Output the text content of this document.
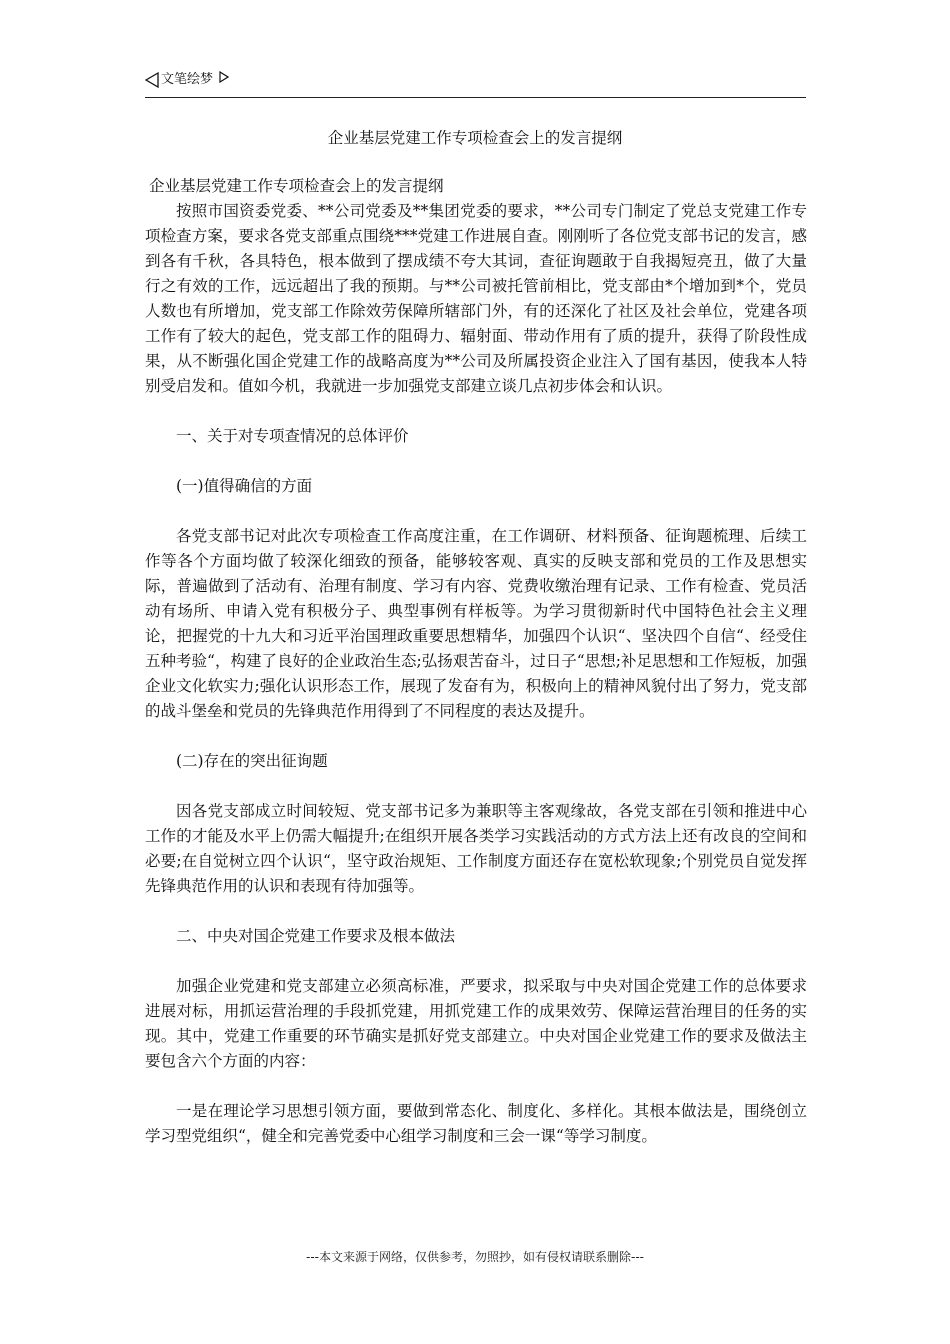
文笔绘梦
企业基层党建工作专项检查会上的发言提纲
企业基层党建工作专项检查会上的发言提纲

按照市国资委党委、**公司党委及**集团党委的要求，**公司专门制定了党总支党建工作专项检查方案，要求各党支部重点围绕***党建工作进展自查。刚刚听了各位党支部书记的发言，感到各有千秋，各具特色，根本做到了摆成绩不夸大其词，查征询题敢于自我揭短亮丑，做了大量行之有效的工作，远远超出了我的预期。与**公司被托管前相比，党支部由*个增加到*个，党员人数也有所增加，党支部工作除效劳保障所辖部门外，有的还深化了社区及社会单位，党建各项工作有了较大的起色，党支部工作的阻碍力、辐射面、带动作用有了质的提升，获得了阶段性成果，从不断强化国企党建工作的战略高度为**公司及所属投资企业注入了国有基因，使我本人特别受启发和。值如今机，我就进一步加强党支部建立谈几点初步体会和认识。

一、关于对专项查情况的总体评价
(一)值得确信的方面

各党支部书记对此次专项检查工作高度注重，在工作调研、材料预备、征询题梳理、后续工作等各个方面均做了较深化细致的预备，能够较客观、真实的反映支部和党员的工作及思想实际，普遍做到了活动有、治理有制度、学习有内容、党费收缴治理有记录、工作有检查、党员活动有场所、申请入党有积极分子、典型事例有样板等。为学习贯彻新时代中国特色社会主义理论，把握党的十九大和习近平治国理政重要思想精华，加强四个认识“、坚决四个自信“、经受住五种考验“，构建了良好的企业政治生态;弘扬艰苦奋斗，过日子“思想;补足思想和工作短板，加强企业文化软实力;强化认识形态工作，展现了发奋有为，积极向上的精神风貌付出了努力，党支部的战斗堡垒和党员的先锋典范作用得到了不同程度的表达及提升。

(二)存在的突出征询题

因各党支部成立时间较短、党支部书记多为兼职等主客观缘故，各党支部在引领和推进中心工作的才能及水平上仍需大幅提升;在组织开展各类学习实践活动的方式方法上还有改良的空间和必要;在自觉树立四个认识“，坚守政治规矩、工作制度方面还存在宽松软现象;个别党员自觉发挥先锋典范作用的认识和表现有待加强等。

二、中央对国企党建工作要求及根本做法

加强企业党建和党支部建立必须高标准，严要求，拟采取与中央对国企党建工作的总体要求进展对标，用抓运营治理的手段抓党建，用抓党建工作的成果效劳、保障运营治理目的任务的实现。其中，党建工作重要的环节确实是抓好党支部建立。中央对国企业党建工作的要求及做法主要包含六个方面的内容：

一是在理论学习思想引领方面，要做到常态化、制度化、多样化。其根本做法是，围绕创立学习型党组织“，健全和完善党委中心组学习制度和三会一课“等学习制度。

---本文来源于网络，仅供参考，勿照抄，如有侵权请联系删除---
